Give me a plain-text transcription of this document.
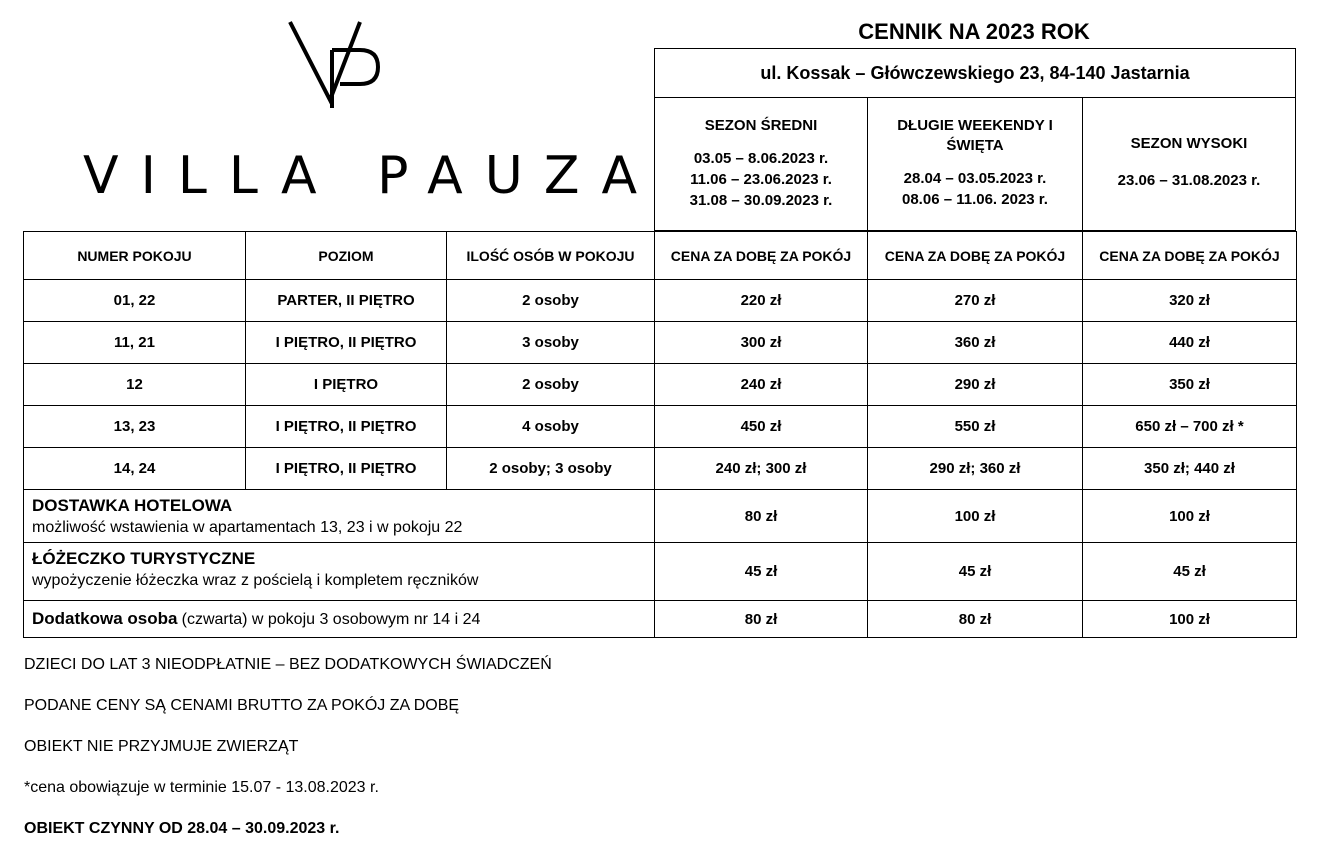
VILLA PAUZA
CENNIK NA 2023 ROK
ul. Kossak – Główczewskiego 23, 84-140 Jastarnia

SEZON ŚREDNI
03.05 – 8.06.2023 r.
11.06 – 23.06.2023 r.
31.08 – 30.09.2023 r.

DŁUGIE WEEKENDY I ŚWIĘTA
28.04 – 03.05.2023 r.
08.06 – 11.06. 2023 r.

SEZON WYSOKI
23.06 – 31.08.2023 r.
NUMER POKOJU	POZIOM	ILOŚĆ OSÓB W POKOJU	CENA ZA DOBĘ ZA POKÓJ	CENA ZA DOBĘ ZA POKÓJ	CENA ZA DOBĘ ZA POKÓJ
01, 22	PARTER, II PIĘTRO	2 osoby	220 zł	270 zł	320 zł
11, 21	I PIĘTRO, II PIĘTRO	3 osoby	300 zł	360 zł	440 zł
12	I PIĘTRO	2 osoby	240 zł	290 zł	350 zł
13, 23	I PIĘTRO, II PIĘTRO	4 osoby	450 zł	550 zł	650 zł – 700 zł *
14, 24	I PIĘTRO, II PIĘTRO	2 osoby; 3 osoby	240 zł; 300 zł	290 zł; 360 zł	350 zł; 440 zł

DOSTAWKA HOTELOWA
możliwość wstawienia w apartamentach 13, 23 i w pokoju 22			80 zł	100 zł	100 zł

ŁÓŻECZKO TURYSTYCZNE
wypożyczenie łóżeczka wraz z pościelą i kompletem ręczników			45 zł	45 zł	45 zł
Dodatkowa osoba (czwarta) w pokoju 3 osobowym nr 14 i 24			80 zł	80 zł	100 zł
DZIECI DO LAT 3 NIEODPŁATNIE – BEZ DODATKOWYCH ŚWIADCZEŃ
PODANE CENY SĄ CENAMI BRUTTO ZA POKÓJ ZA DOBĘ
OBIEKT NIE PRZYJMUJE ZWIERZĄT
*cena obowiązuje w terminie 15.07 - 13.08.2023 r.
OBIEKT CZYNNY OD 28.04 – 30.09.2023 r.
